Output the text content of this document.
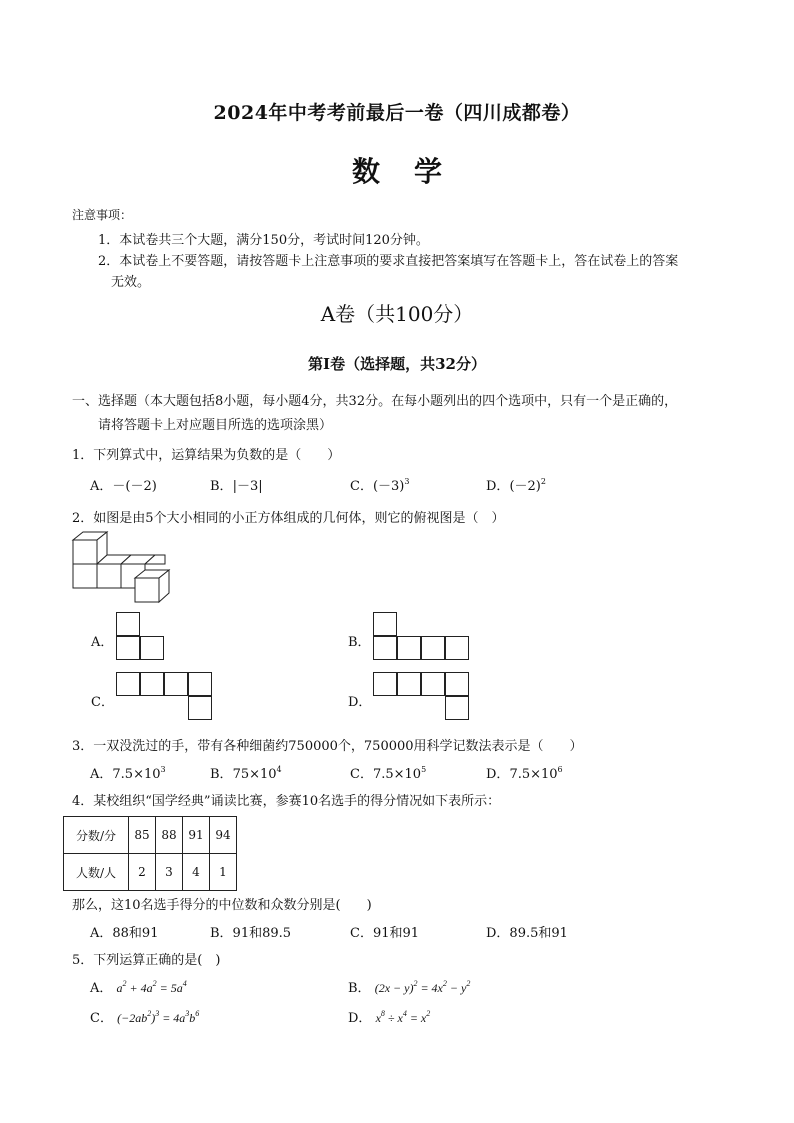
2024年中考考前最后一卷（四川成都卷）
数学
注意事项：
1．本试卷共三个大题，满分150分，考试时间120分钟。
2．本试卷上不要答题，请按答题卡上注意事项的要求直接把答案填写在答题卡上，答在试卷上的答案
无效。
A卷（共100分）
第Ⅰ卷（选择题，共32分）
一、选择题（本大题包括8小题，每小题4分，共32分。在每小题列出的四个选项中，只有一个是正确的，
请将答题卡上对应题目所选的选项涂黑）
1．下列算式中，运算结果为负数的是（　　）
A．－(－2)	B．|－3|	C．$(-3)^3$	D．$(-2)^2$
2．如图是由5个大小相同的小正方体组成的几何体，则它的俯视图是（　）
A．	B．
C．	D．
3．一双没洗过的手，带有各种细菌约750000个，750000用科学记数法表示是（　　）
A．$7.5\times 10^3$	B．$75\times 10^4$	C．$7.5\times 10^5$	D．$7.5\times 10^6$
4．某校组织“国学经典”诵读比赛，参赛10名选手的得分情况如下表所示：
分数/分	85	88	91	94
人数/人	2	3	4	1
那么，这10名选手得分的中位数和众数分别是(　　)
A．88和91	B．91和89.5	C．91和91	D．89.5和91
5．下列运算正确的是(　)
A． $a^2 + 4a^2 = 5a^4$	B． $(2x - y)^2 = 4x^2 - y^2$
C． $(-2ab^2)^3 = 4a^3b^6$	D． $x^8 \div x^4 = x^2$
